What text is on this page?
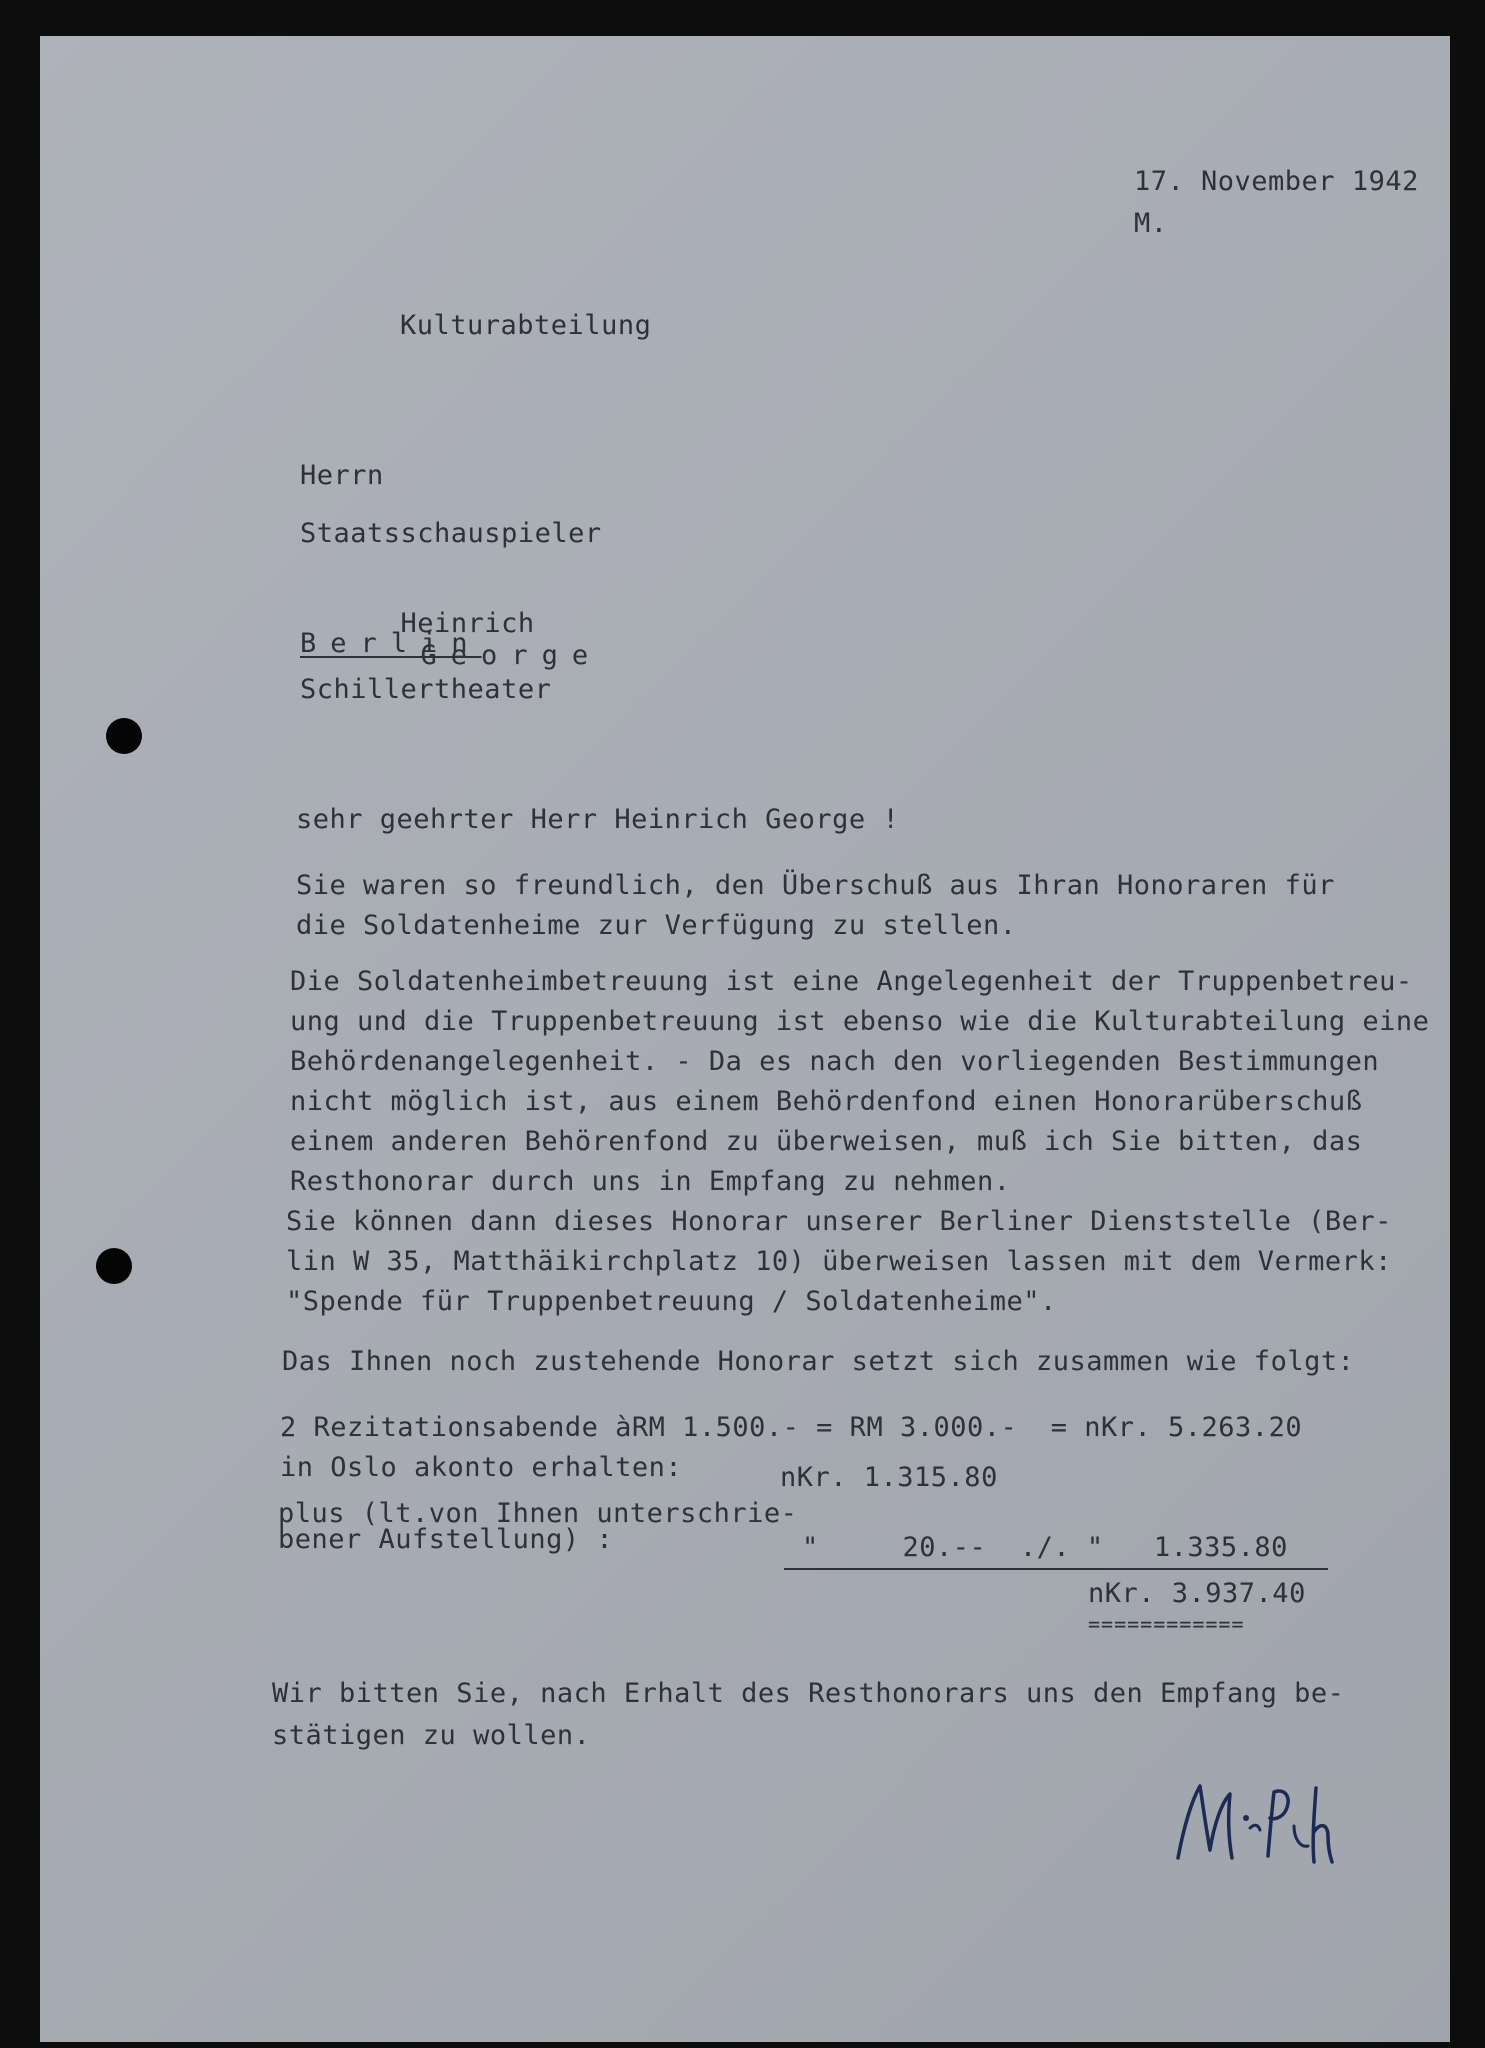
17. November 1942
M.
Kulturabteilung
Herrn
Staatsschauspieler

Heinrich
George

Berlin
Schillertheater
sehr geehrter Herr Heinrich George !
Sie waren so freundlich, den Überschuß aus Ihran Honoraren für
die Soldatenheime zur Verfügung zu stellen.
Die Soldatenheimbetreuung ist eine Angelegenheit der Truppenbetreu-
ung und die Truppenbetreuung ist ebenso wie die Kulturabteilung eine
Behördenangelegenheit. - Da es nach den vorliegenden Bestimmungen
nicht möglich ist, aus einem Behördenfond einen Honorarüberschuß
einem anderen Behörenfond zu überweisen, muß ich Sie bitten, das
Resthonorar durch uns in Empfang zu nehmen.
Sie können dann dieses Honorar unserer Berliner Dienststelle (Ber-
lin W 35, Matthäikirchplatz 10) überweisen lassen mit dem Vermerk:
"Spende für Truppenbetreuung / Soldatenheime".
Das Ihnen noch zustehende Honorar setzt sich zusammen wie folgt:
2 Rezitationsabende àRM 1.500.- = RM 3.000.-  = nKr. 5.263.20
in Oslo akonto erhalten:	nKr. 1.315.80
plus (lt.von Ihnen unterschrie-
bener Aufstellung) :	"     20.--  ./. "   1.335.80
nKr. 3.937.40
============
Wir bitten Sie, nach Erhalt des Resthonorars uns den Empfang be-
stätigen zu wollen.
